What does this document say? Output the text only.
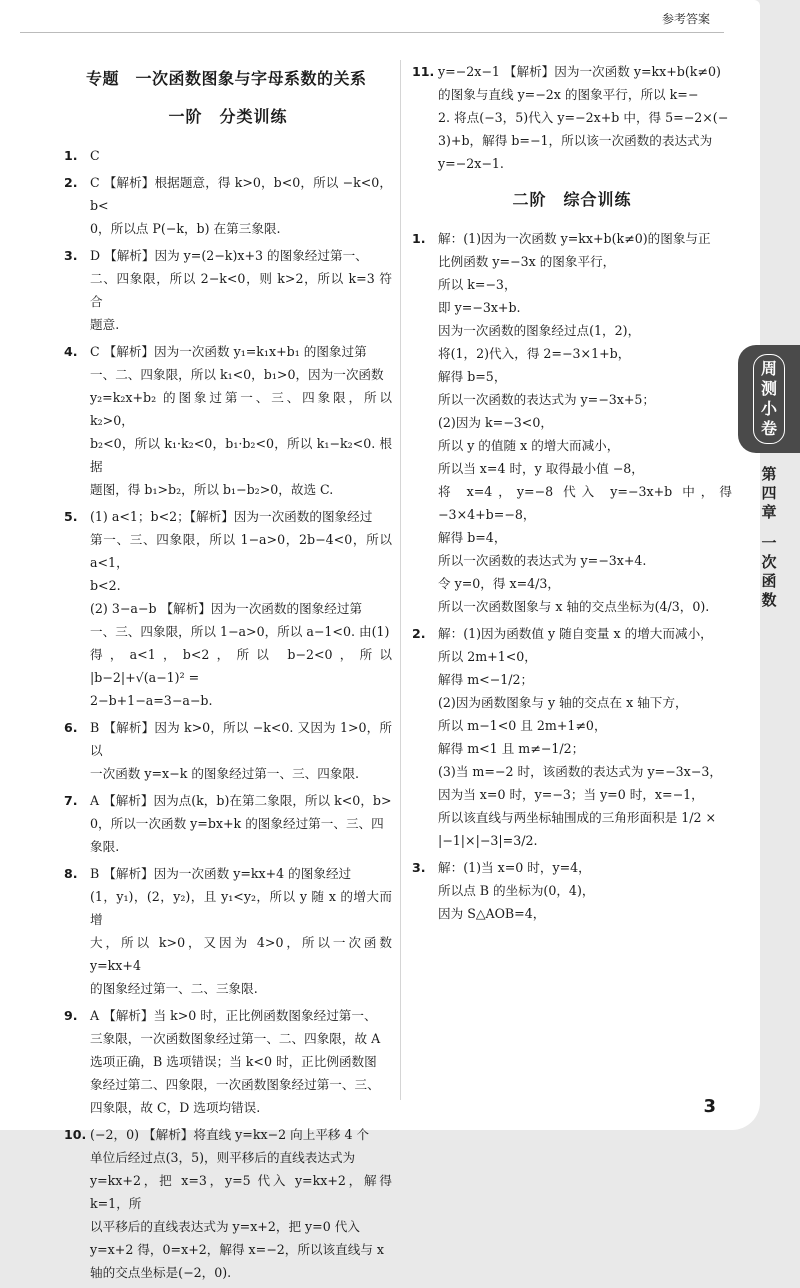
参考答案
专题　一次函数图象与字母系数的关系
一阶　分类训练
1. C

2. C 【解析】根据题意，得 k>0，b<0，所以 −k<0，b<

0，所以点 P(−k，b) 在第三象限.

3. D 【解析】因为 y=(2−k)x+3 的图象经过第一、

二、四象限，所以 2−k<0，则 k>2，所以 k=3 符合

题意.

4. C 【解析】因为一次函数 y₁=k₁x+b₁ 的图象过第

一、二、四象限，所以 k₁<0，b₁>0，因为一次函数

y₂=k₂x+b₂ 的图象过第一、三、四象限，所以 k₂>0，

b₂<0，所以 k₁·k₂<0，b₁·b₂<0，所以 k₁−k₂<0. 根据

题图，得 b₁>b₂，所以 b₁−b₂>0，故选 C.

5. (1) a<1；b<2；【解析】因为一次函数的图象经过

第一、三、四象限，所以 1−a>0，2b−4<0，所以 a<1，

b<2.

(2) 3−a−b 【解析】因为一次函数的图象经过第

一、三、四象限，所以 1−a>0，所以 a−1<0. 由(1)

得，a<1，b<2，所以 b−2<0，所以 |b−2|+√(a−1)² =

2−b+1−a=3−a−b.

6. B 【解析】因为 k>0，所以 −k<0. 又因为 1>0，所以

一次函数 y=x−k 的图象经过第一、三、四象限.

7. A 【解析】因为点(k，b)在第二象限，所以 k<0，b>

0，所以一次函数 y=bx+k 的图象经过第一、三、四

象限.

8. B 【解析】因为一次函数 y=kx+4 的图象经过

(1，y₁)，(2，y₂)，且 y₁<y₂，所以 y 随 x 的增大而增

大，所以 k>0，又因为 4>0，所以一次函数 y=kx+4

的图象经过第一、二、三象限.

9. A 【解析】当 k>0 时，正比例函数图象经过第一、

三象限，一次函数图象经过第一、二、四象限，故 A

选项正确，B 选项错误；当 k<0 时，正比例函数图

象经过第二、四象限，一次函数图象经过第一、三、

四象限，故 C，D 选项均错误.

10. (−2，0) 【解析】将直线 y=kx−2 向上平移 4 个

单位后经过点(3，5)，则平移后的直线表达式为

y=kx+2，把 x=3，y=5 代入 y=kx+2，解得 k=1，所

以平移后的直线表达式为 y=x+2，把 y=0 代入

y=x+2 得，0=x+2，解得 x=−2，所以该直线与 x

轴的交点坐标是(−2，0).

11. y=−2x−1 【解析】因为一次函数 y=kx+b(k≠0)

的图象与直线 y=−2x 的图象平行，所以 k=−

2. 将点(−3，5)代入 y=−2x+b 中，得 5=−2×(−

3)+b，解得 b=−1，所以该一次函数的表达式为

y=−2x−1.

二阶　综合训练
1. 解：(1)因为一次函数 y=kx+b(k≠0)的图象与正

比例函数 y=−3x 的图象平行，

所以 k=−3，

即 y=−3x+b.

因为一次函数的图象经过点(1，2)，

将(1，2)代入，得 2=−3×1+b，

解得 b=5，

所以一次函数的表达式为 y=−3x+5；

(2)因为 k=−3<0，

所以 y 的值随 x 的增大而减小，

所以当 x=4 时，y 取得最小值 −8，

将 x=4，y=−8 代入 y=−3x+b 中，得 −3×4+b=−8，

解得 b=4，

所以一次函数的表达式为 y=−3x+4.

令 y=0，得 x=4/3，

所以一次函数图象与 x 轴的交点坐标为(4/3，0).

2. 解：(1)因为函数值 y 随自变量 x 的增大而减小，

所以 2m+1<0，

解得 m<−1/2；

(2)因为函数图象与 y 轴的交点在 x 轴下方，

所以 m−1<0 且 2m+1≠0，

解得 m<1 且 m≠−1/2；

(3)当 m=−2 时，该函数的表达式为 y=−3x−3，

因为当 x=0 时，y=−3；当 y=0 时，x=−1，

所以该直线与两坐标轴围成的三角形面积是 1/2 ×

|−1|×|−3|=3/2.

3. 解：(1)当 x=0 时，y=4，

所以点 B 的坐标为(0，4)，

因为 S△AOB=4，

3
周
测
小
卷
第
四
章
一
次
函
数
